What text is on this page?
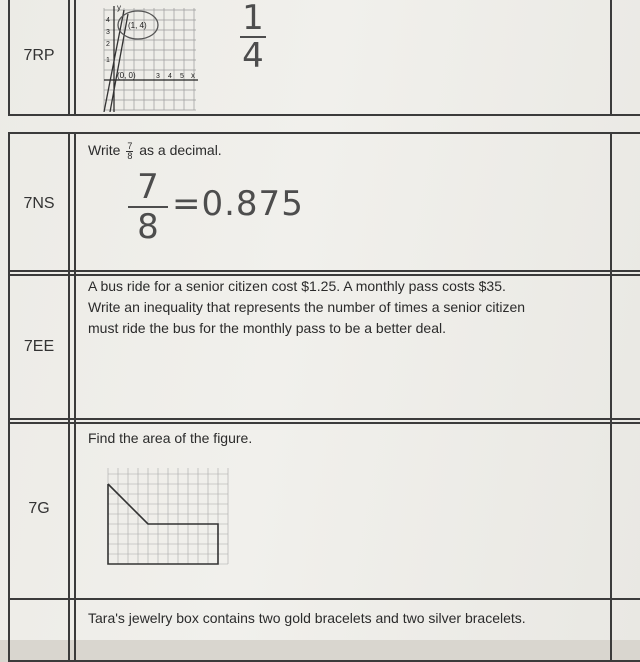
7RP
y
x
4
3
2
1
3 4 5
(1, 4)
(0, 0)
1
4
7NS
Write $\frac{7}{8}$ as a decimal.
7
8
=0.875
7EE
A bus ride for a senior citizen cost $1.25. A monthly pass costs $35.
Write an inequality that represents the number of times a senior citizen
must ride the bus for the monthly pass to be a better deal.
7G
Find the area of the figure.
Tara's jewelry box contains two gold bracelets and two silver bracelets.
